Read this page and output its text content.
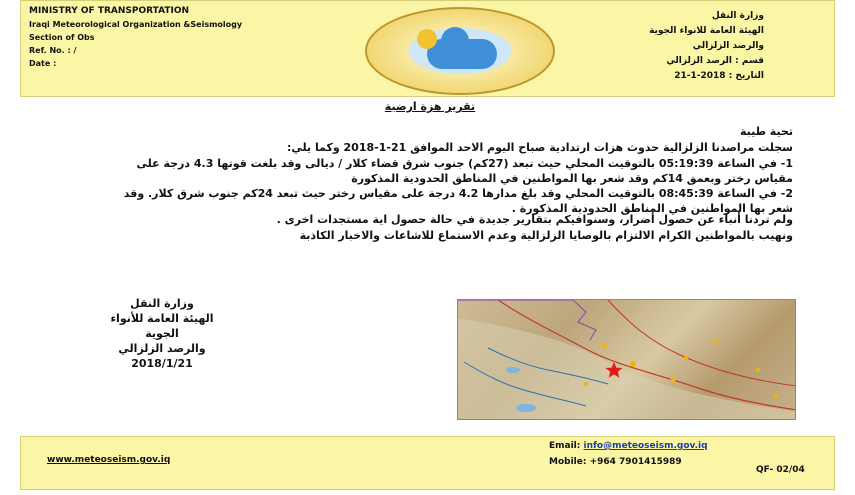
MINISTRY OF TRANSPORTATION
Iraqi Meteorological Organization &Seismology
Section of Obs
Ref. No. : /
Date :
وزارة النقل
الهيئة العامة للانواء الجوية
والرصد الزلزالي
قسم : الرصد الزلزالي
التاريخ : 2018-1-21
تقرير هزة ارضية
تحية طيبة
سجلت مراصدنا الزلزالية حدوث هزات ارتدادية صباح اليوم الاحد الموافق 21-1-2018 وكما يلي:
1- في الساعة 05:19:39 بالتوقيت المحلي حيث تبعد (27كم) جنوب شرق قضاء كلار / ديالى وقد بلغت قوتها 4.3 درجة على مقياس رختر وبعمق 14كم وقد شعر بها المواطنين في المناطق الحدودية المذكورة
2- في الساعة 08:45:39 بالتوقيت المحلي وقد بلغ مدارها 4.2 درجة على مقياس رختر حيث تبعد 24كم جنوب شرق كلار. وقد شعر بها المواطنين في المناطق الحدودية المذكورة .
ولم تردنا أنباء عن حصول أضرار، وسنوافيكم بتقارير جديدة في حالة حصول اية مستجدات اخرى .
ونهيب بالمواطنين الكرام الالتزام بالوصايا الزلزالية وعدم الاستماع للاشاعات والاخبار الكاذبة
وزارة النقل
الهيئة العامة للأنواء الجوية
والرصد الزلزالي
2018/1/21
www.meteoseism.gov.iq
Email: info@meteoseism.gov.iq
Mobile: +964 7901415989
QF- 02/04
